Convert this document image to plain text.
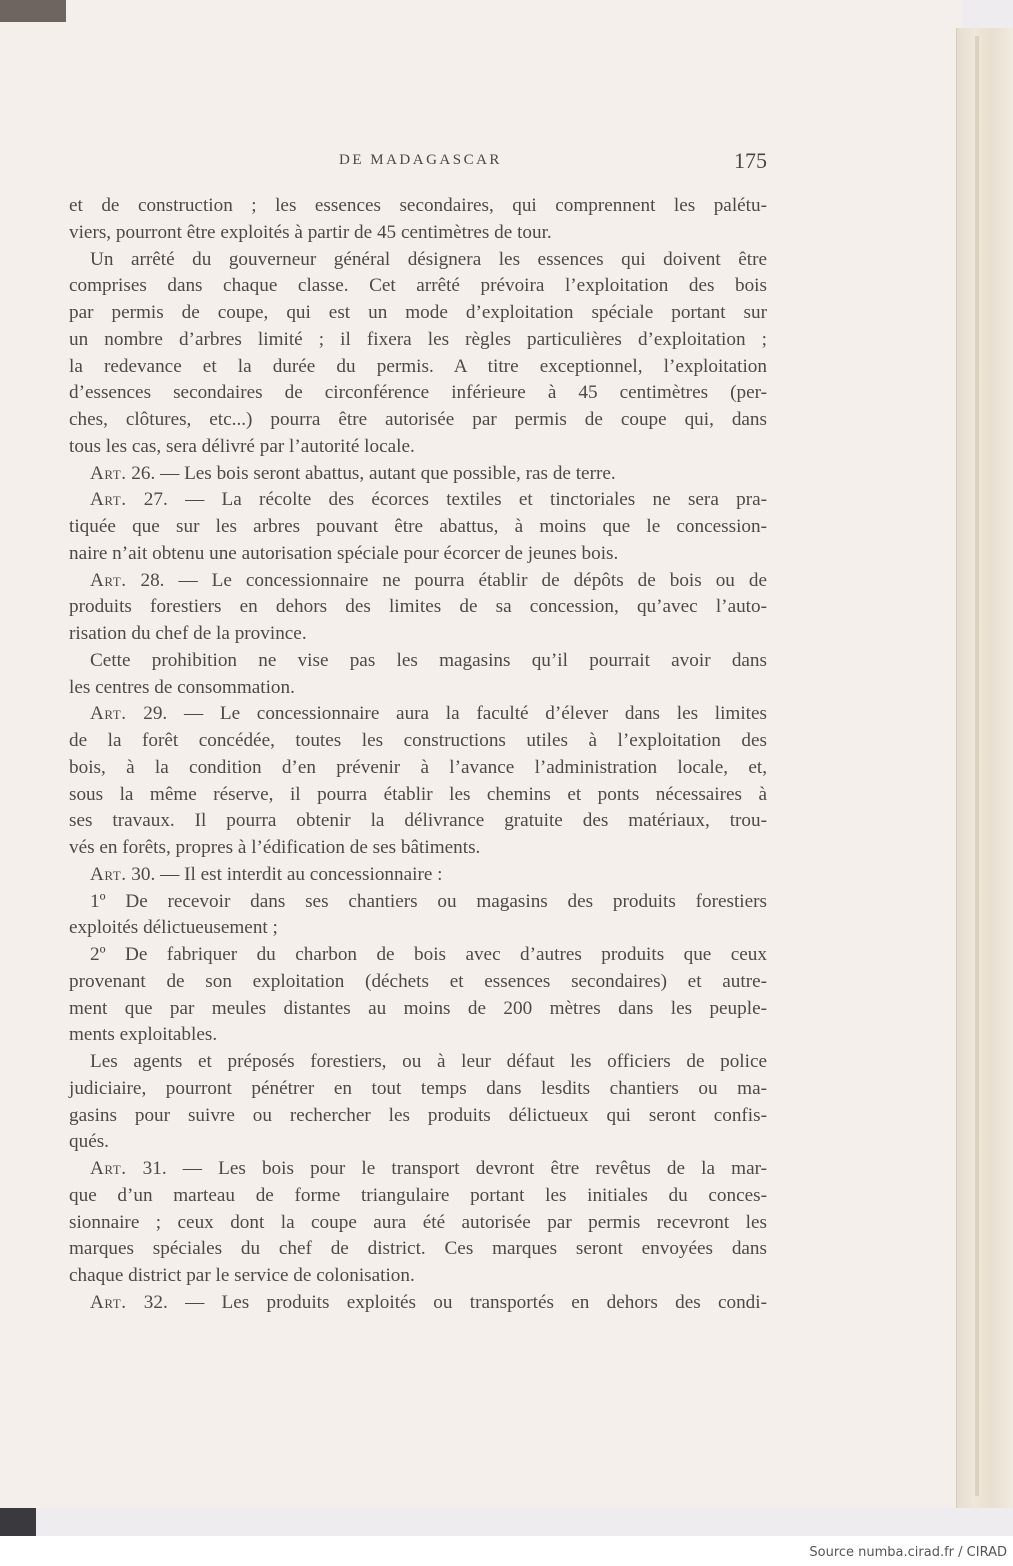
DE MADAGASCAR	175
et de construction ; les essences secondaires, qui comprennent les palétu-
viers, pourront être exploités à partir de 45 centimètres de tour.
Un arrêté du gouverneur général désignera les essences qui doivent être
comprises dans chaque classe. Cet arrêté prévoira l’exploitation des bois
par permis de coupe, qui est un mode d’exploitation spéciale portant sur
un nombre d’arbres limité ; il fixera les règles particulières d’exploitation ;
la redevance et la durée du permis. A titre exceptionnel, l’exploitation
d’essences secondaires de circonférence inférieure à 45 centimètres (per-
ches, clôtures, etc...) pourra être autorisée par permis de coupe qui, dans
tous les cas, sera délivré par l’autorité locale.
Art. 26. — Les bois seront abattus, autant que possible, ras de terre.
Art. 27. — La récolte des écorces textiles et tinctoriales ne sera pra-
tiquée que sur les arbres pouvant être abattus, à moins que le concession-
naire n’ait obtenu une autorisation spéciale pour écorcer de jeunes bois.
Art. 28. — Le concessionnaire ne pourra établir de dépôts de bois ou de
produits forestiers en dehors des limites de sa concession, qu’avec l’auto-
risation du chef de la province.
Cette prohibition ne vise pas les magasins qu’il pourrait avoir dans
les centres de consommation.
Art. 29. — Le concessionnaire aura la faculté d’élever dans les limites
de la forêt concédée, toutes les constructions utiles à l’exploitation des
bois, à la condition d’en prévenir à l’avance l’administration locale, et,
sous la même réserve, il pourra établir les chemins et ponts nécessaires à
ses travaux. Il pourra obtenir la délivrance gratuite des matériaux, trou-
vés en forêts, propres à l’édification de ses bâtiments.
Art. 30. — Il est interdit au concessionnaire :
1º De recevoir dans ses chantiers ou magasins des produits forestiers
exploités délictueusement ;
2º De fabriquer du charbon de bois avec d’autres produits que ceux
provenant de son exploitation (déchets et essences secondaires) et autre-
ment que par meules distantes au moins de 200 mètres dans les peuple-
ments exploitables.
Les agents et préposés forestiers, ou à leur défaut les officiers de police
judiciaire, pourront pénétrer en tout temps dans lesdits chantiers ou ma-
gasins pour suivre ou rechercher les produits délictueux qui seront confis-
qués.
Art. 31. — Les bois pour le transport devront être revêtus de la mar-
que d’un marteau de forme triangulaire portant les initiales du conces-
sionnaire ; ceux dont la coupe aura été autorisée par permis recevront les
marques spéciales du chef de district. Ces marques seront envoyées dans
chaque district par le service de colonisation.
Art. 32. — Les produits exploités ou transportés en dehors des condi-
Source numba.cirad.fr / CIRAD
